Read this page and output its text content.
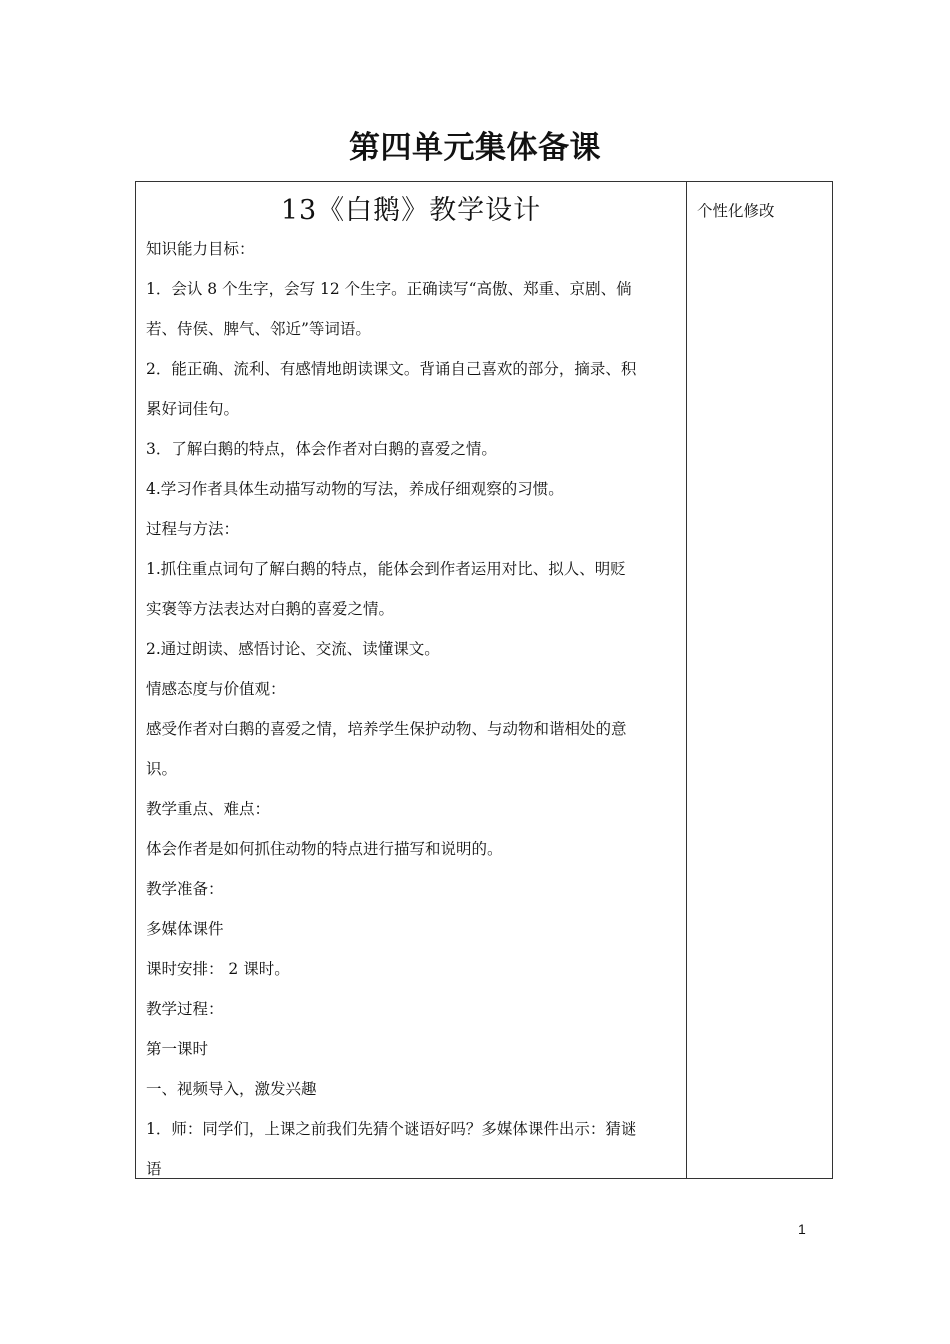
第四单元集体备课
13《白鹅》教学设计
知识能力目标：
1．会认 8 个生字，会写 12 个生字。正确读写“高傲、郑重、京剧、倘
若、侍侯、脾气、邻近”等词语。
2．能正确、流利、有感情地朗读课文。背诵自己喜欢的部分，摘录、积
累好词佳句。
3．了解白鹅的特点，体会作者对白鹅的喜爱之情。
4.学习作者具体生动描写动物的写法，养成仔细观察的习惯。
过程与方法：
1.抓住重点词句了解白鹅的特点，能体会到作者运用对比、拟人、明贬
实褒等方法表达对白鹅的喜爱之情。
2.通过朗读、感悟讨论、交流、读懂课文。
情感态度与价值观：
感受作者对白鹅的喜爱之情，培养学生保护动物、与动物和谐相处的意
识。
教学重点、难点：
体会作者是如何抓住动物的特点进行描写和说明的。
教学准备：
多媒体课件
课时安排： 2 课时。
教学过程：
第一课时
一、视频导入，激发兴趣
1．师：同学们，上课之前我们先猜个谜语好吗？多媒体课件出示：猜谜
语
个性化修改
1
